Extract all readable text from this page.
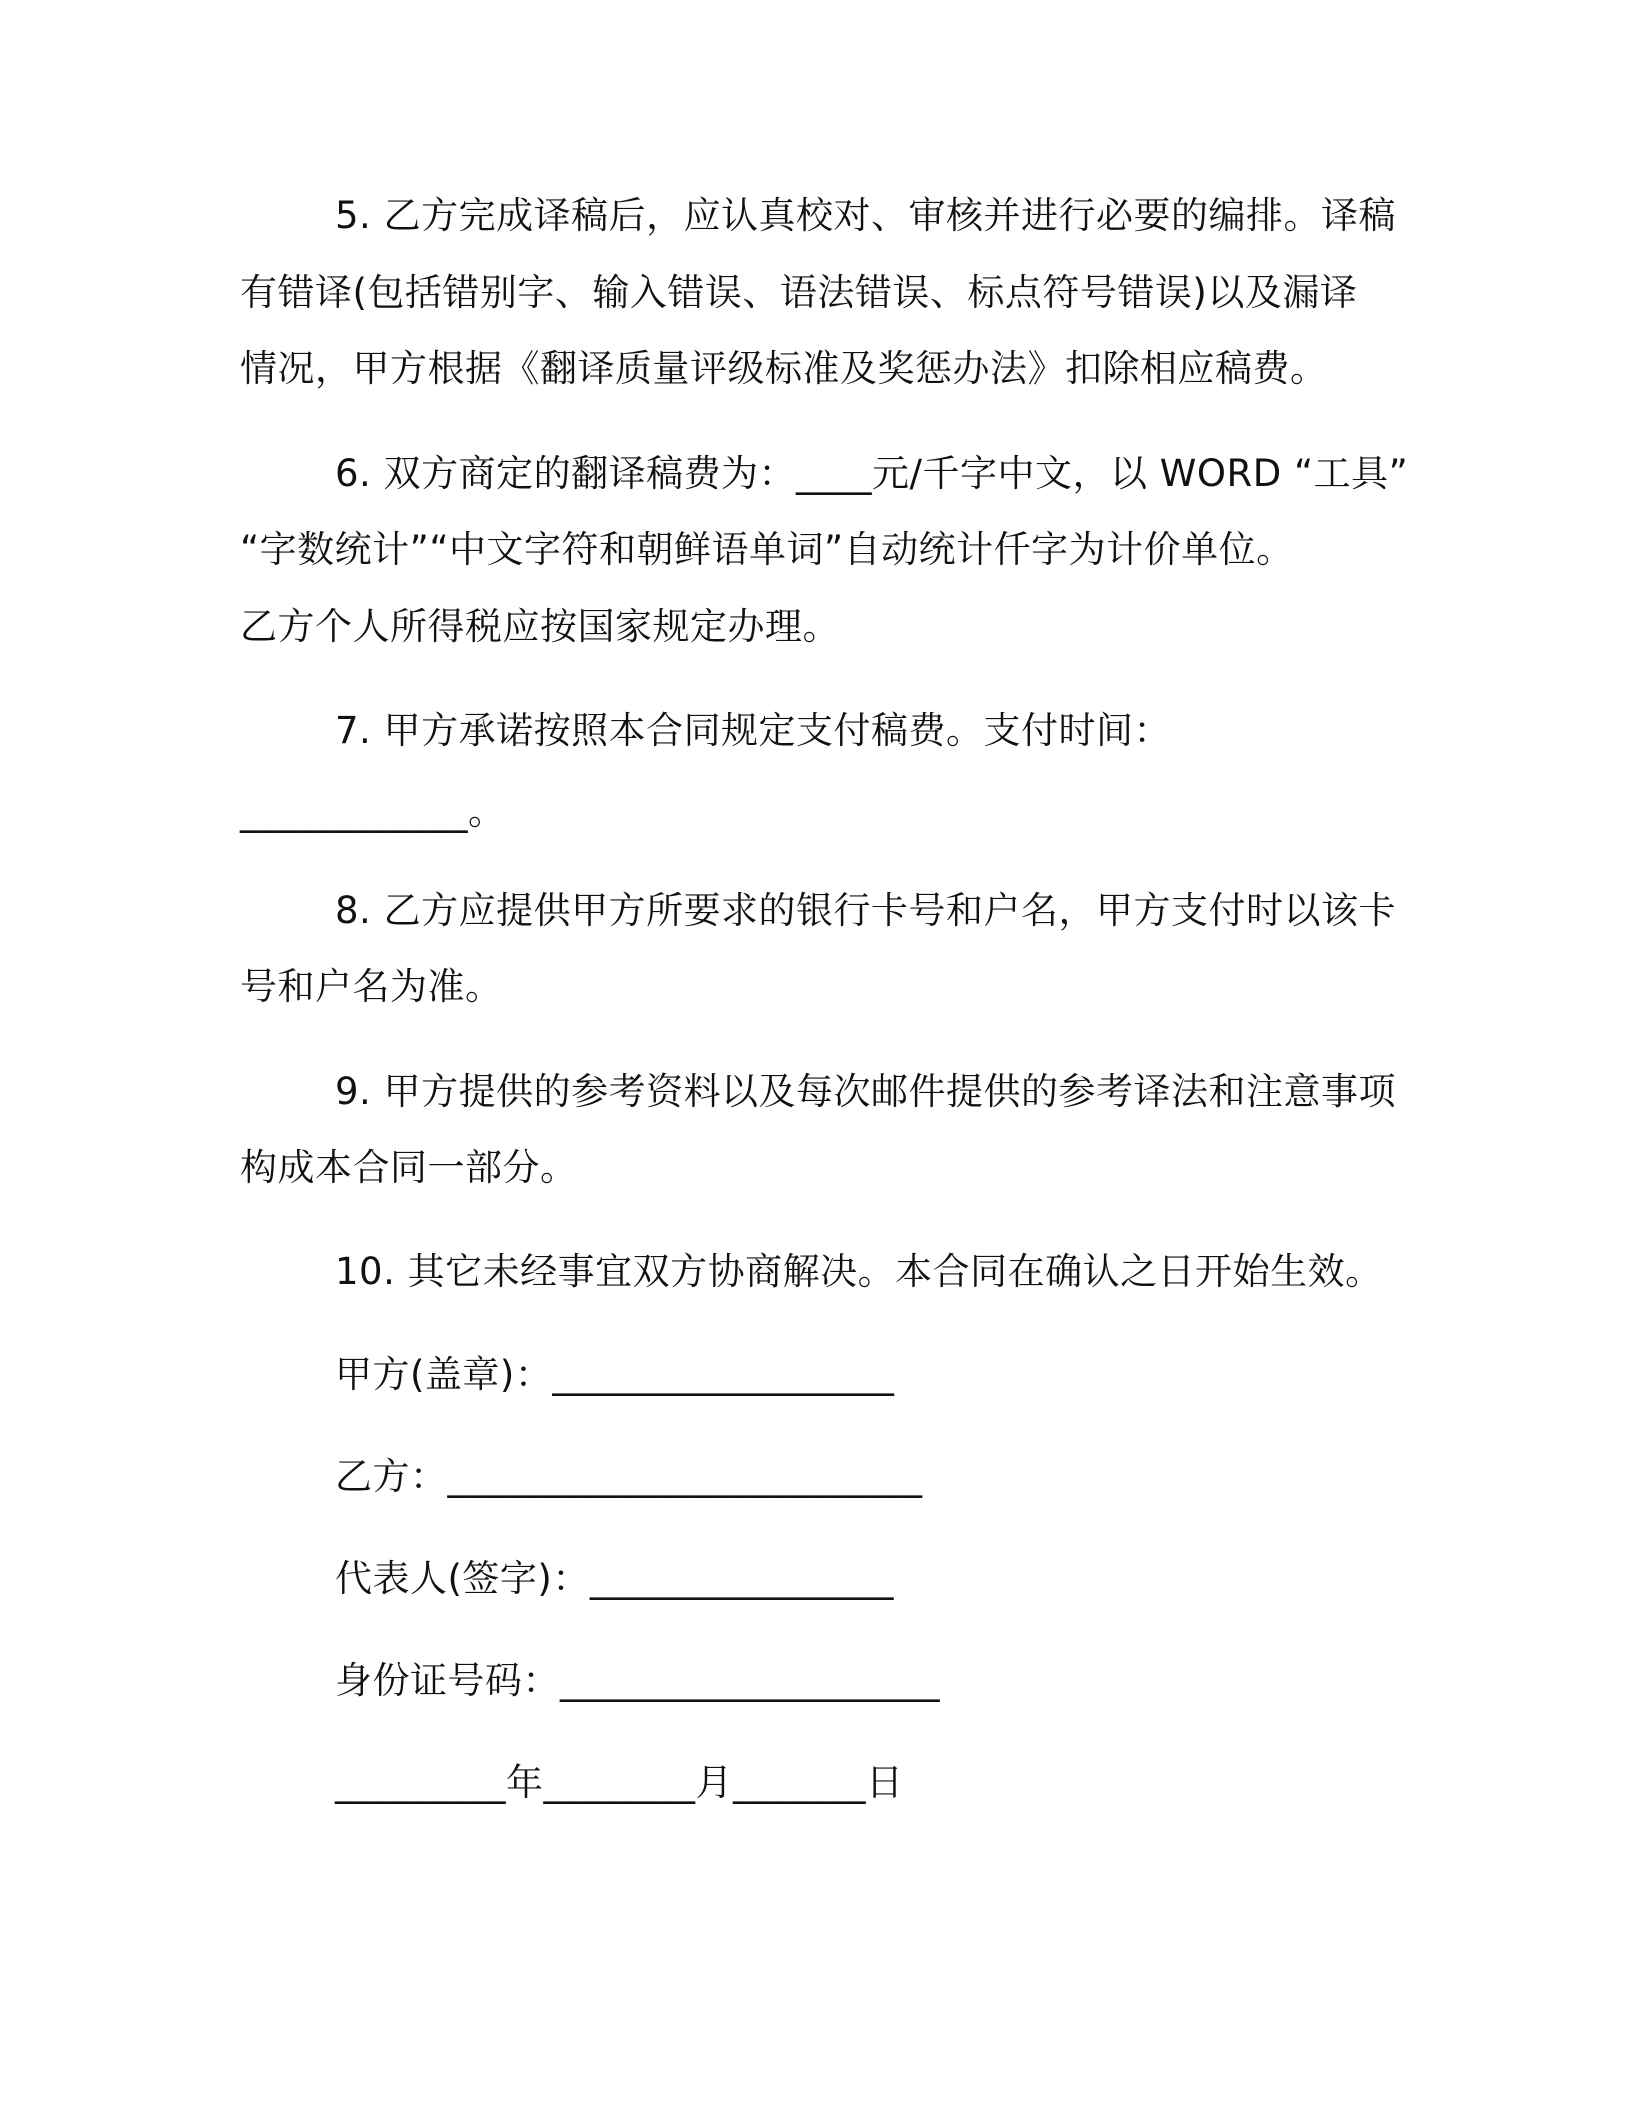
5. 乙方完成译稿后，应认真校对、审核并进行必要的编排。译稿
有错译(包括错别字、输入错误、语法错误、标点符号错误)以及漏译
情况，甲方根据《翻译质量评级标准及奖惩办法》扣除相应稿费。
6. 双方商定的翻译稿费为：____元/千字中文，以 WORD “工具”
“字数统计”“中文字符和朝鲜语单词”自动统计仟字为计价单位。
乙方个人所得税应按国家规定办理。
7. 甲方承诺按照本合同规定支付稿费。支付时间：
____________。
8. 乙方应提供甲方所要求的银行卡号和户名，甲方支付时以该卡
号和户名为准。
9. 甲方提供的参考资料以及每次邮件提供的参考译法和注意事项
构成本合同一部分。
10. 其它未经事宜双方协商解决。本合同在确认之日开始生效。
甲方(盖章)：__________________
乙方：_________________________
代表人(签字)：________________
身份证号码：____________________
_________年________月_______日
